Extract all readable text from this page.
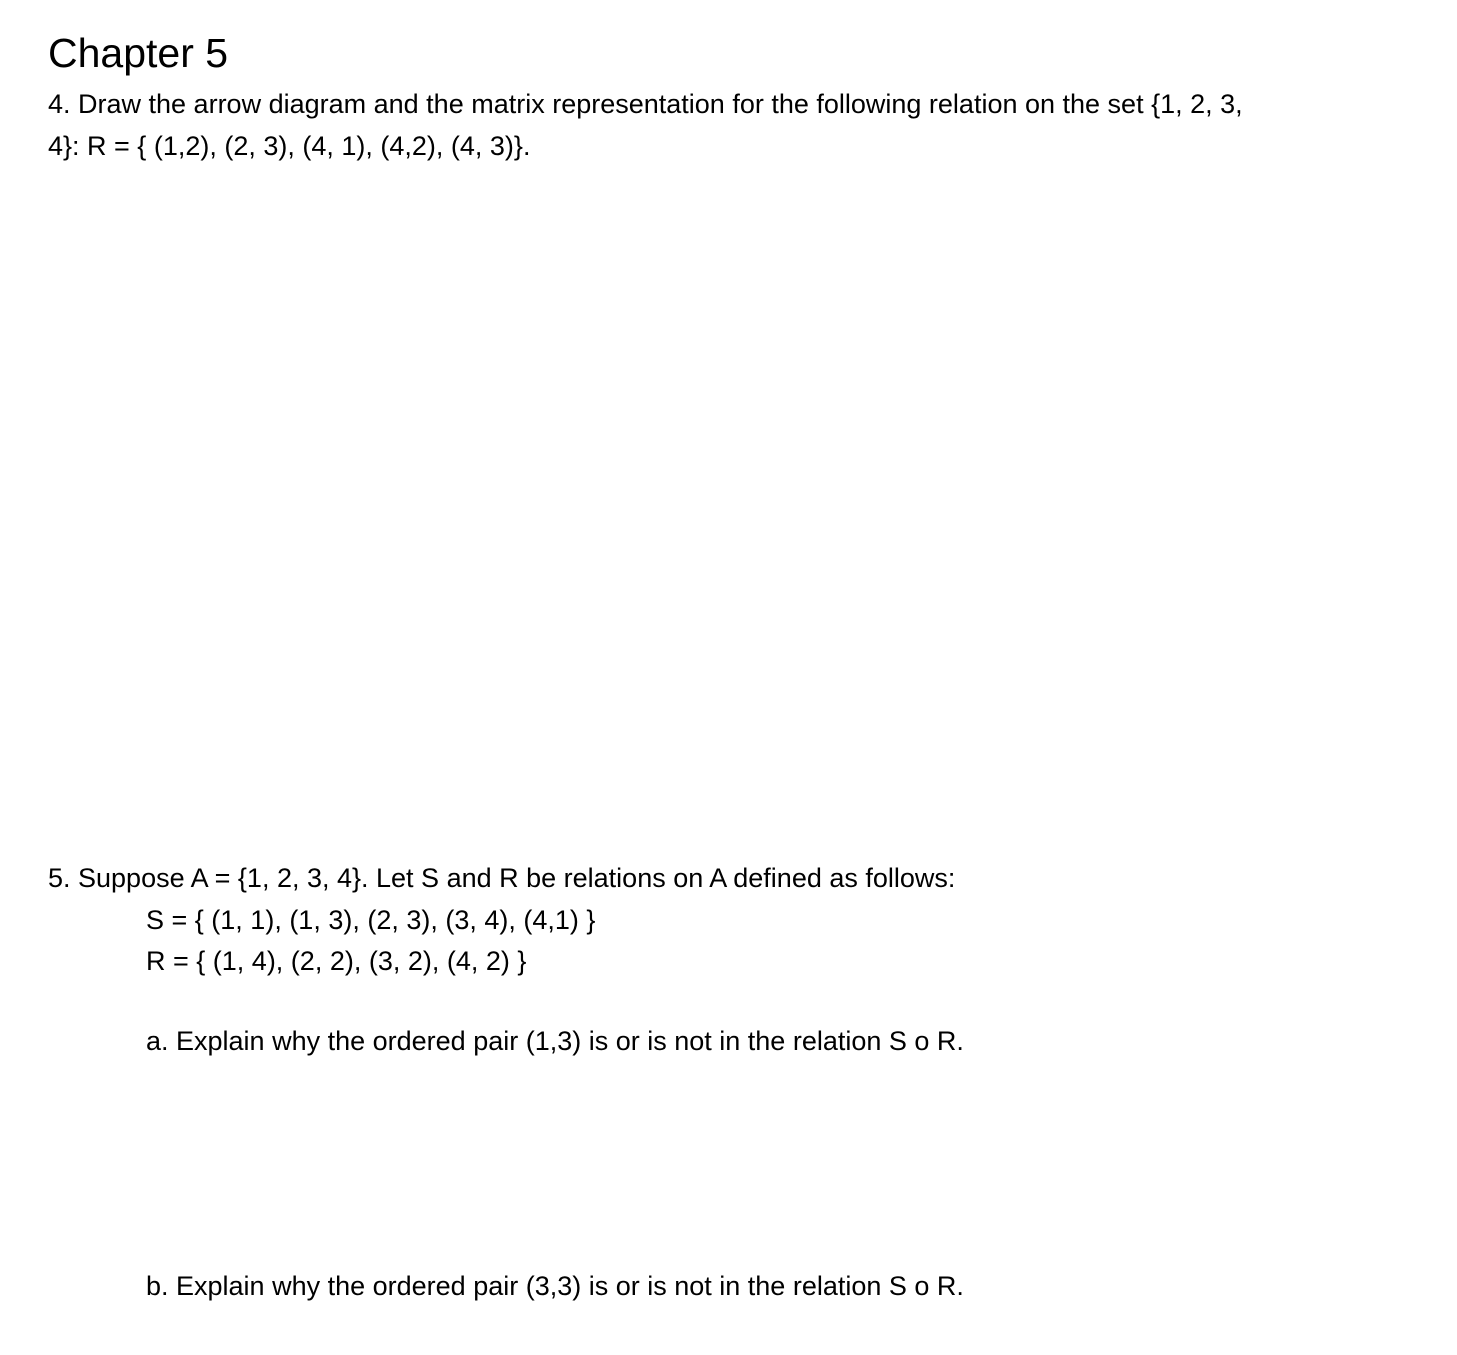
Chapter 5
4. Draw the arrow diagram and the matrix representation for the following relation on the set {1, 2, 3,
4}: R = { (1,2), (2, 3), (4, 1), (4,2), (4, 3)}.
5. Suppose A = {1, 2, 3, 4}. Let S and R be relations on A defined as follows:
S = { (1, 1), (1, 3), (2, 3), (3, 4), (4,1) }
R = { (1, 4), (2, 2), (3, 2), (4, 2) }
a. Explain why the ordered pair (1,3) is or is not in the relation S o R.
b. Explain why the ordered pair (3,3) is or is not in the relation S o R.
